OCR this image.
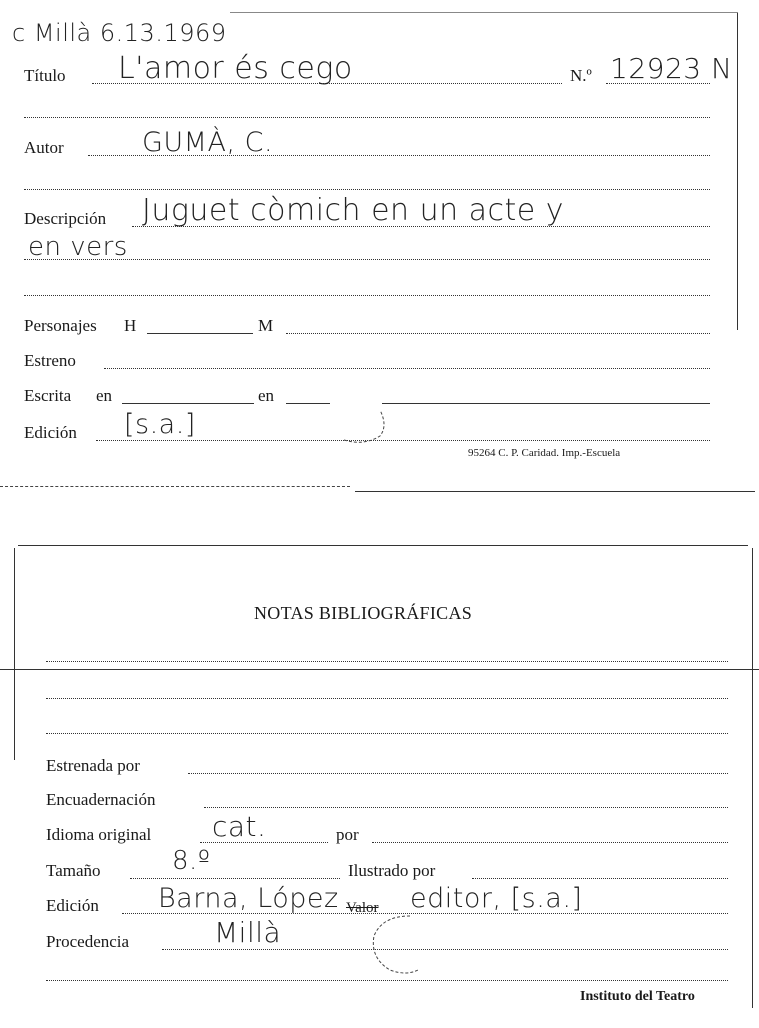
c Millà 6.13.1969
Título L'amor és cego	N.º 12923 N
Autor	GUMÀ, C.
Descripción Juguet còmich en un acte y
en vers
Personajes H	M
Estreno
Escrita en	en
Edición [s.a.]
95264 C. P. Caridad. Imp.-Escuela
NOTAS BIBLIOGRÁFICAS
Estrenada por
Encuadernación
Idioma original cat.	por
Tamaño	8.º	Ilustrado por
Edición Barna, López Valor editor, [s.a.]
Procedencia	Millà
Instituto del Teatro
